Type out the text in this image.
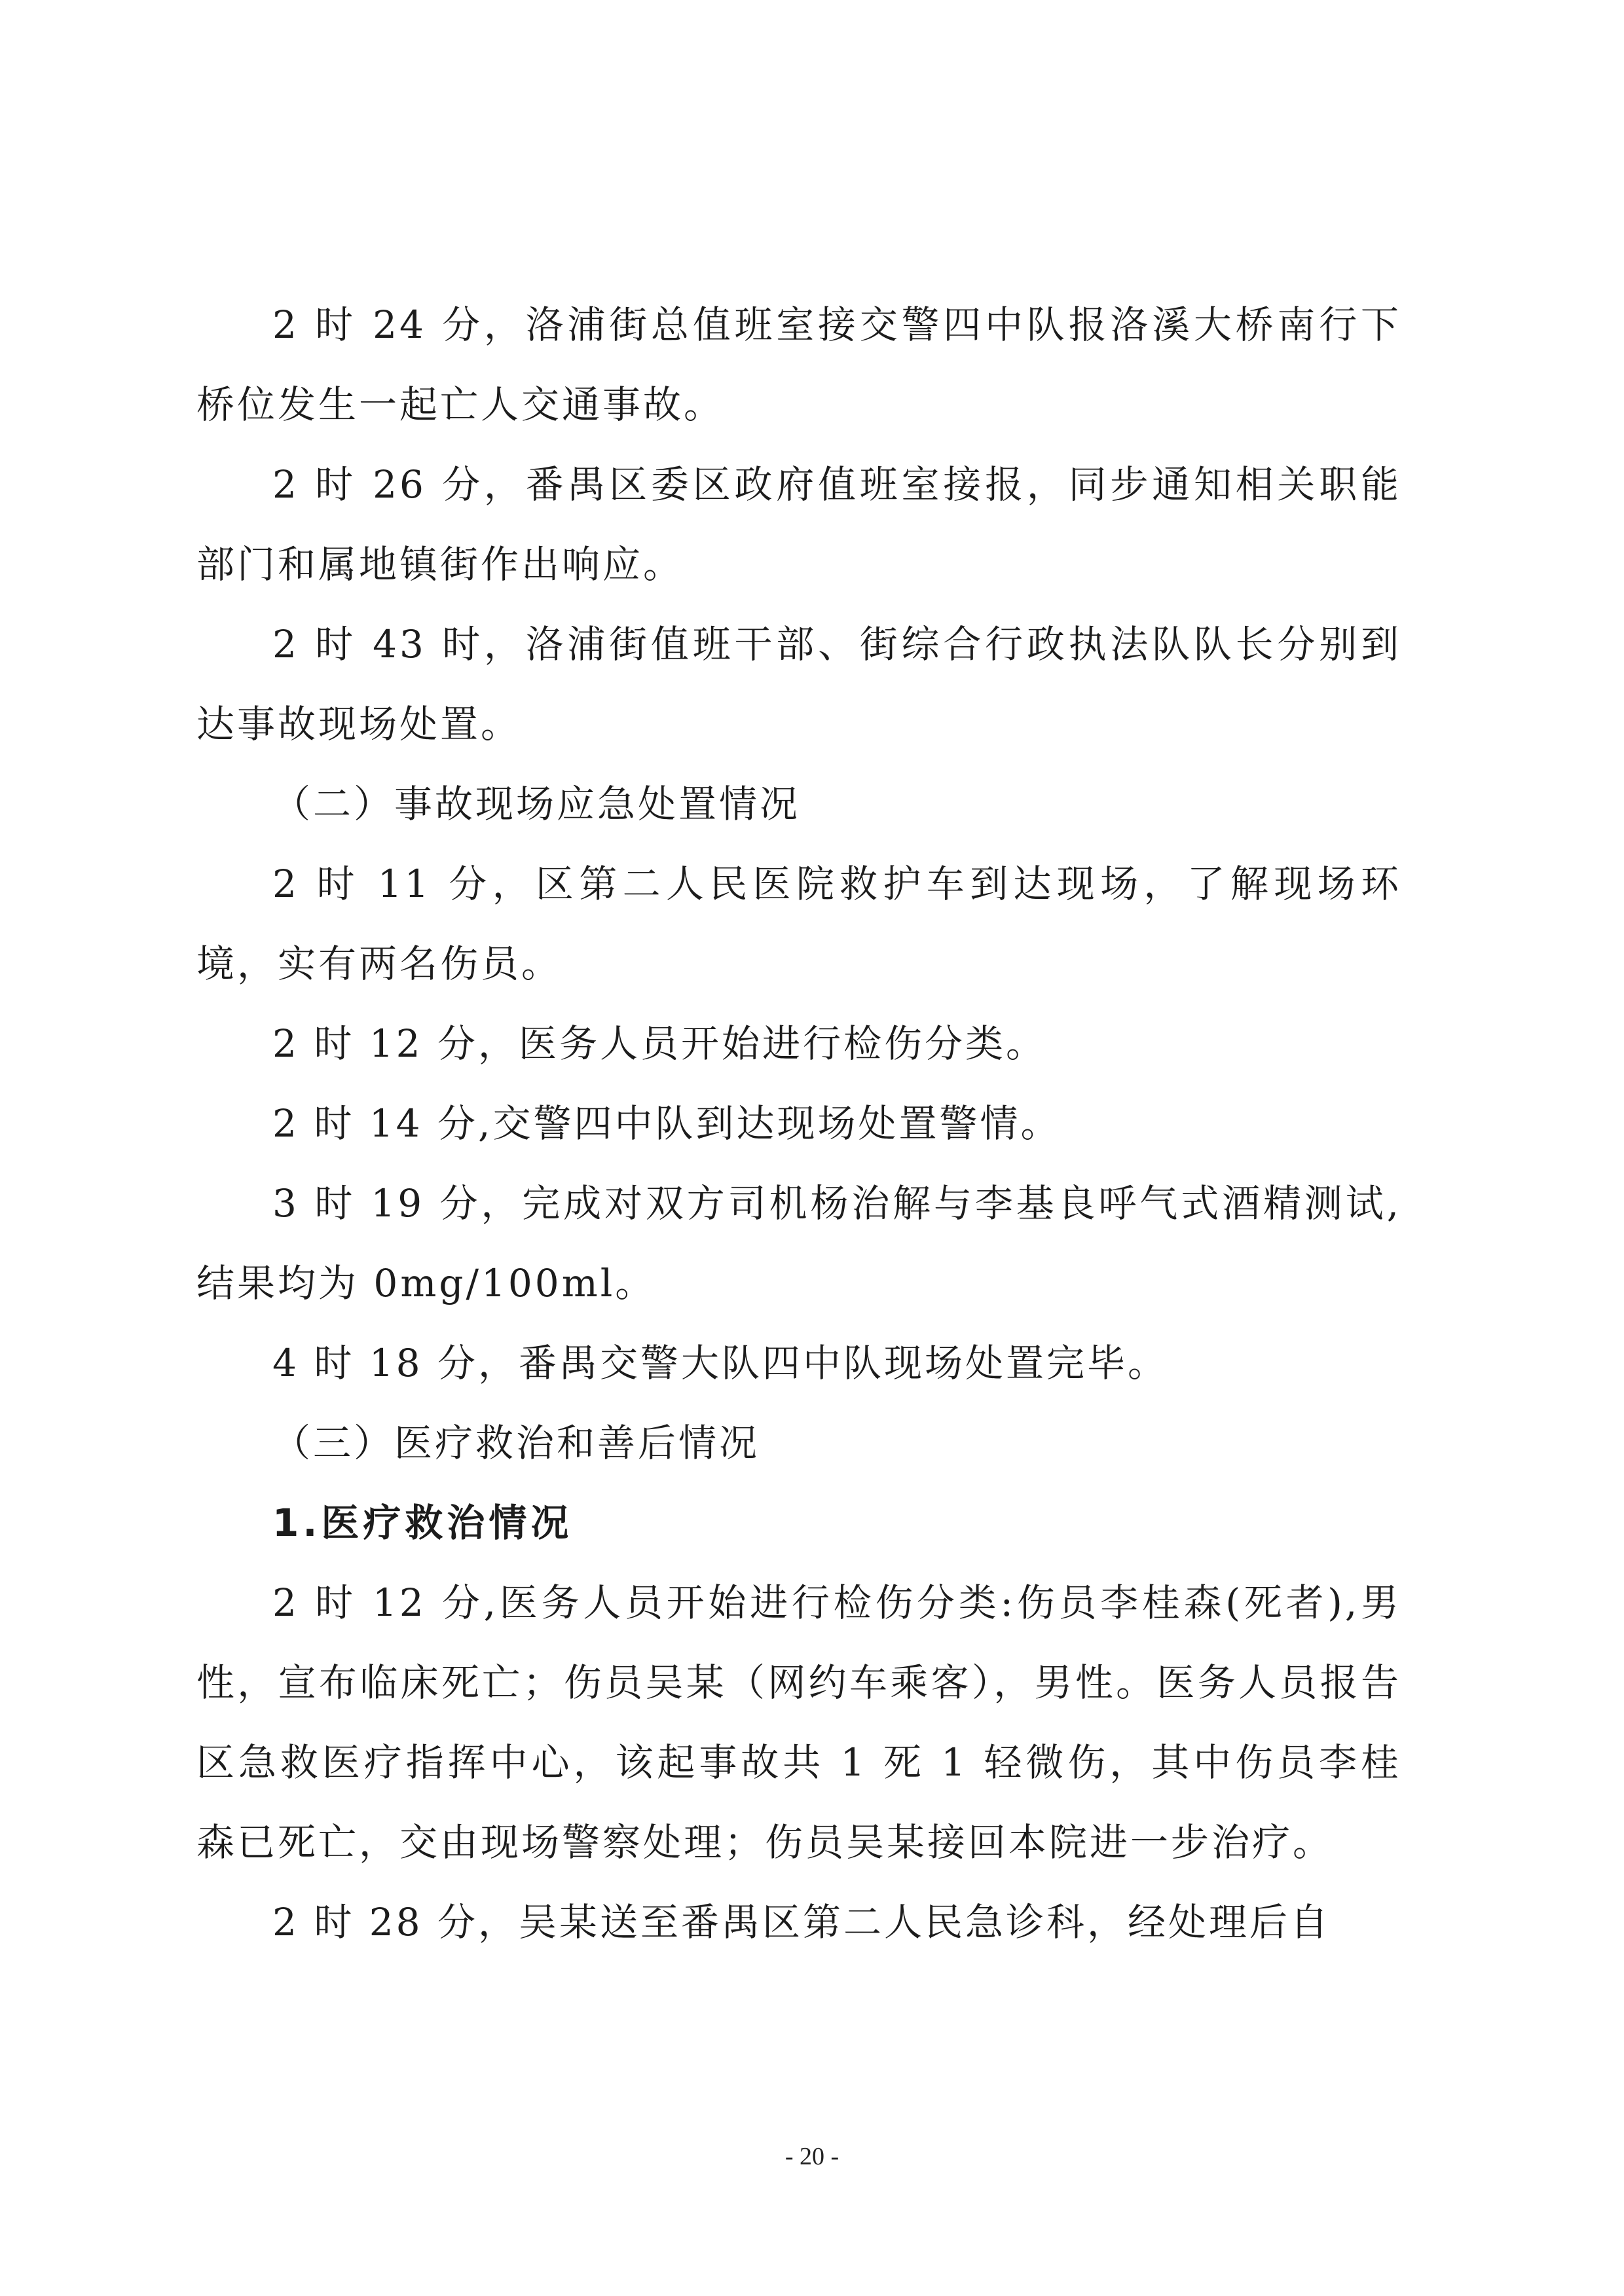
2 时 24 分，洛浦街总值班室接交警四中队报洛溪大桥南行下桥位发生一起亡人交通事故。

2 时 26 分，番禺区委区政府值班室接报，同步通知相关职能部门和属地镇街作出响应。

2 时 43 时，洛浦街值班干部、街综合行政执法队队长分别到达事故现场处置。

（二）事故现场应急处置情况

2 时 11 分，区第二人民医院救护车到达现场，了解现场环境，实有两名伤员。

2 时 12 分，医务人员开始进行检伤分类。

2 时 14 分,交警四中队到达现场处置警情。

3 时 19 分，完成对双方司机杨治解与李基良呼气式酒精测试,结果均为 0mg/100ml。

4 时 18 分，番禺交警大队四中队现场处置完毕。

（三）医疗救治和善后情况

1.医疗救治情况

2 时 12 分,医务人员开始进行检伤分类:伤员李桂森(死者),男性，宣布临床死亡；伤员吴某（网约车乘客），男性。医务人员报告区急救医疗指挥中心，该起事故共 1 死 1 轻微伤，其中伤员李桂森已死亡，交由现场警察处理；伤员吴某接回本院进一步治疗。

2 时 28 分，吴某送至番禺区第二人民急诊科，经处理后自

- 20 -
